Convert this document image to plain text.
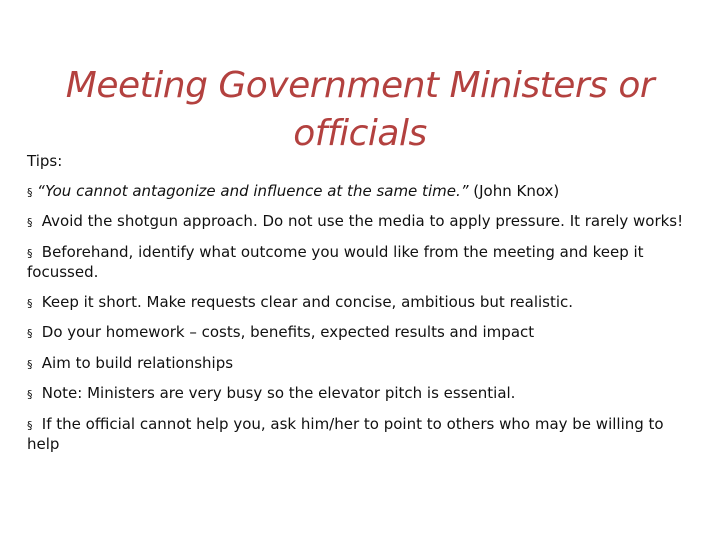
Meeting Government Ministers or officials
Tips:
§ “You cannot antagonize and influence at the same time.” (John Knox)
§ Avoid the shotgun approach. Do not use the media to apply pressure. It rarely works!
§ Beforehand, identify what outcome you would like from the meeting and keep it focussed.
§ Keep it short. Make requests clear and concise, ambitious but realistic.
§ Do your homework – costs, benefits, expected results and impact
§ Aim to build relationships
§ Note: Ministers are very busy so the elevator pitch is essential.
§ If the official cannot help you, ask him/her to point to others who may be willing to help
